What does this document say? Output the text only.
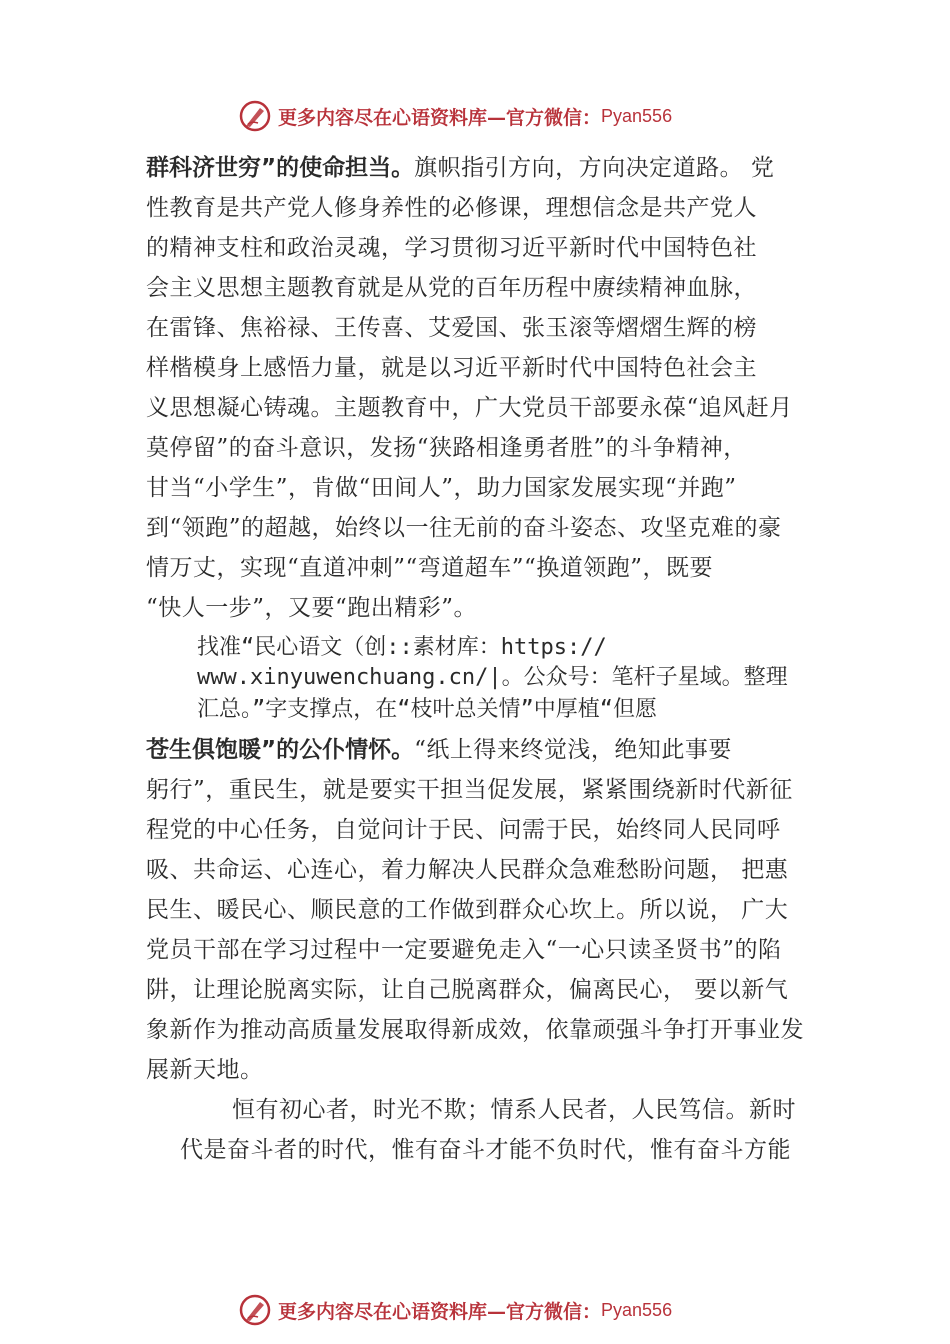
更多内容尽在心语资料库—官方微信： Pyan556
群科济世穷”的使命担当。旗帜指引方向，方向决定道路。 党
性教育是共产党人修身养性的必修课，理想信念是共产党人
的精神支柱和政治灵魂，学习贯彻习近平新时代中国特色社
会主义思想主题教育就是从党的百年历程中赓续精神血脉，
在雷锋、焦裕禄、王传喜、艾爱国、张玉滚等熠熠生辉的榜
样楷模身上感悟力量，就是以习近平新时代中国特色社会主
义思想凝心铸魂。主题教育中，广大党员干部要永葆“追风赶月
莫停留”的奋斗意识，发扬“狭路相逢勇者胜”的斗争精神，
甘当“小学生”，肯做“田间人”，助力国家发展实现“并跑”
到“领跑”的超越，始终以一往无前的奋斗姿态、攻坚克难的豪
情万丈，实现“直道冲刺”“弯道超车”“换道领跑”，既要
“快人一步”，又要“跑出精彩”。
找准“民心语文（创::素材库：https://
www.xinyuwenchuang.cn/|。公众号：笔杆子星域。整理
汇总。”字支撑点，在“枝叶总关情”中厚植“但愿
苍生俱饱暖”的公仆情怀。“纸上得来终觉浅，绝知此事要
躬行”，重民生，就是要实干担当促发展，紧紧围绕新时代新征
程党的中心任务，自觉问计于民、问需于民，始终同人民同呼
吸、共命运、心连心，着力解决人民群众急难愁盼问题， 把惠
民生、暖民心、顺民意的工作做到群众心坎上。所以说， 广大
党员干部在学习过程中一定要避免走入“一心只读圣贤书”的陷
阱，让理论脱离实际，让自己脱离群众，偏离民心， 要以新气
象新作为推动高质量发展取得新成效，依靠顽强斗争打开事业发
展新天地。
恒有初心者，时光不欺；情系人民者，人民笃信。新时
代是奋斗者的时代，惟有奋斗才能不负时代，惟有奋斗方能
更多内容尽在心语资料库—官方微信： Pyan556
